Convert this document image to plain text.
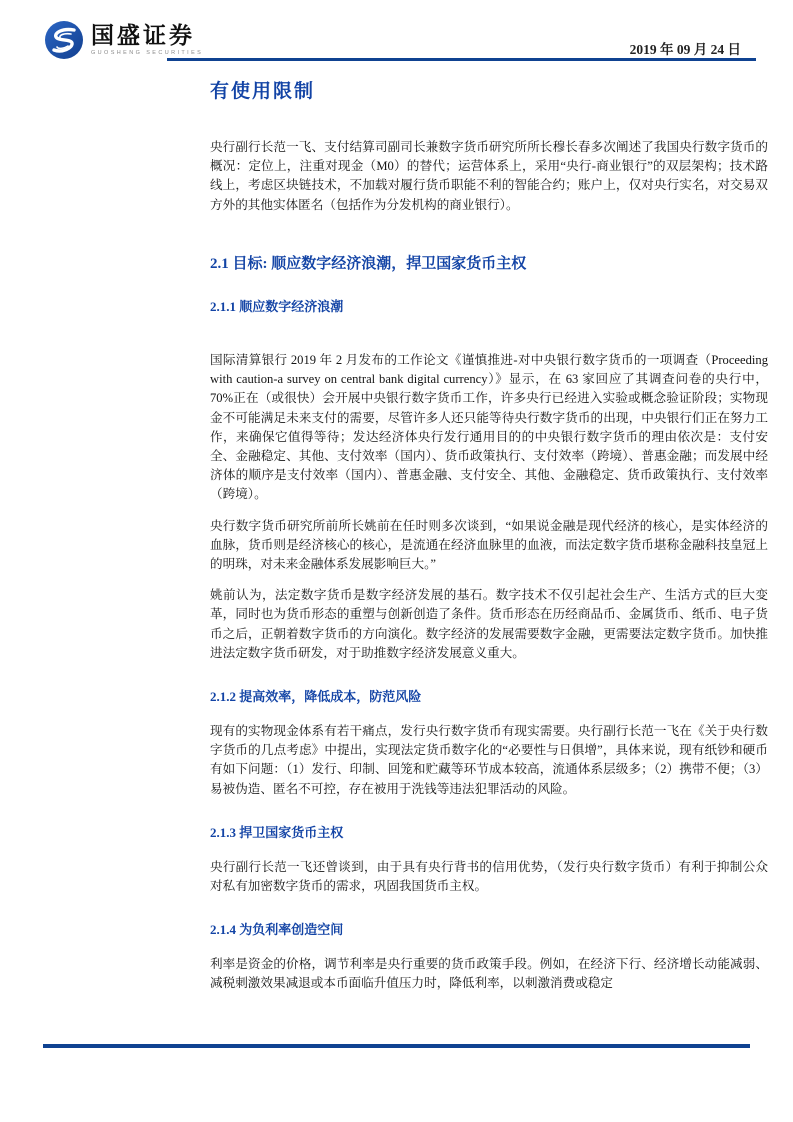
国盛证券
GUOSHENG SECURITIES	2019 年 09 月 24 日
有使用限制

央行副行长范一飞、支付结算司副司长兼数字货币研究所所长穆长春多次阐述了我国央行数字货币的概况：定位上，注重对现金（M0）的替代；运营体系上，采用“央行-商业银行”的双层架构；技术路线上，考虑区块链技术，不加载对履行货币职能不利的智能合约；账户上，仅对央行实名，对交易双方外的其他实体匿名（包括作为分发机构的商业银行）。

2.1 目标: 顺应数字经济浪潮，捍卫国家货币主权
2.1.1 顺应数字经济浪潮

国际清算银行 2019 年 2 月发布的工作论文《谨慎推进-对中央银行数字货币的一项调查（Proceeding with caution-a survey on central bank digital currency）》显示，在 63 家回应了其调查问卷的央行中，70%正在（或很快）会开展中央银行数字货币工作，许多央行已经进入实验或概念验证阶段；实物现金不可能满足未来支付的需要，尽管许多人还只能等待央行数字货币的出现，中央银行们正在努力工作，来确保它值得等待；发达经济体央行发行通用目的的中央银行数字货币的理由依次是：支付安全、金融稳定、其他、支付效率（国内）、货币政策执行、支付效率（跨境）、普惠金融；而发展中经济体的顺序是支付效率（国内）、普惠金融、支付安全、其他、金融稳定、货币政策执行、支付效率（跨境）。

央行数字货币研究所前所长姚前在任时则多次谈到，“如果说金融是现代经济的核心，是实体经济的血脉，货币则是经济核心的核心，是流通在经济血脉里的血液，而法定数字货币堪称金融科技皇冠上的明珠，对未来金融体系发展影响巨大。”

姚前认为，法定数字货币是数字经济发展的基石。数字技术不仅引起社会生产、生活方式的巨大变革，同时也为货币形态的重塑与创新创造了条件。货币形态在历经商品币、金属货币、纸币、电子货币之后，正朝着数字货币的方向演化。数字经济的发展需要数字金融，更需要法定数字货币。加快推进法定数字货币研发，对于助推数字经济发展意义重大。

2.1.2 提高效率，降低成本，防范风险

现有的实物现金体系有若干痛点，发行央行数字货币有现实需要。央行副行长范一飞在《关于央行数字货币的几点考虑》中提出，实现法定货币数字化的“必要性与日俱增”，具体来说，现有纸钞和硬币有如下问题：（1）发行、印制、回笼和贮藏等环节成本较高，流通体系层级多；（2）携带不便；（3）易被伪造、匿名不可控，存在被用于洗钱等违法犯罪活动的风险。

2.1.3 捍卫国家货币主权

央行副行长范一飞还曾谈到，由于具有央行背书的信用优势，（发行央行数字货币）有利于抑制公众对私有加密数字货币的需求，巩固我国货币主权。

2.1.4 为负利率创造空间

利率是资金的价格，调节利率是央行重要的货币政策手段。例如，在经济下行、经济增长动能减弱、减税刺激效果减退或本币面临升值压力时，降低利率，以刺激消费或稳定
